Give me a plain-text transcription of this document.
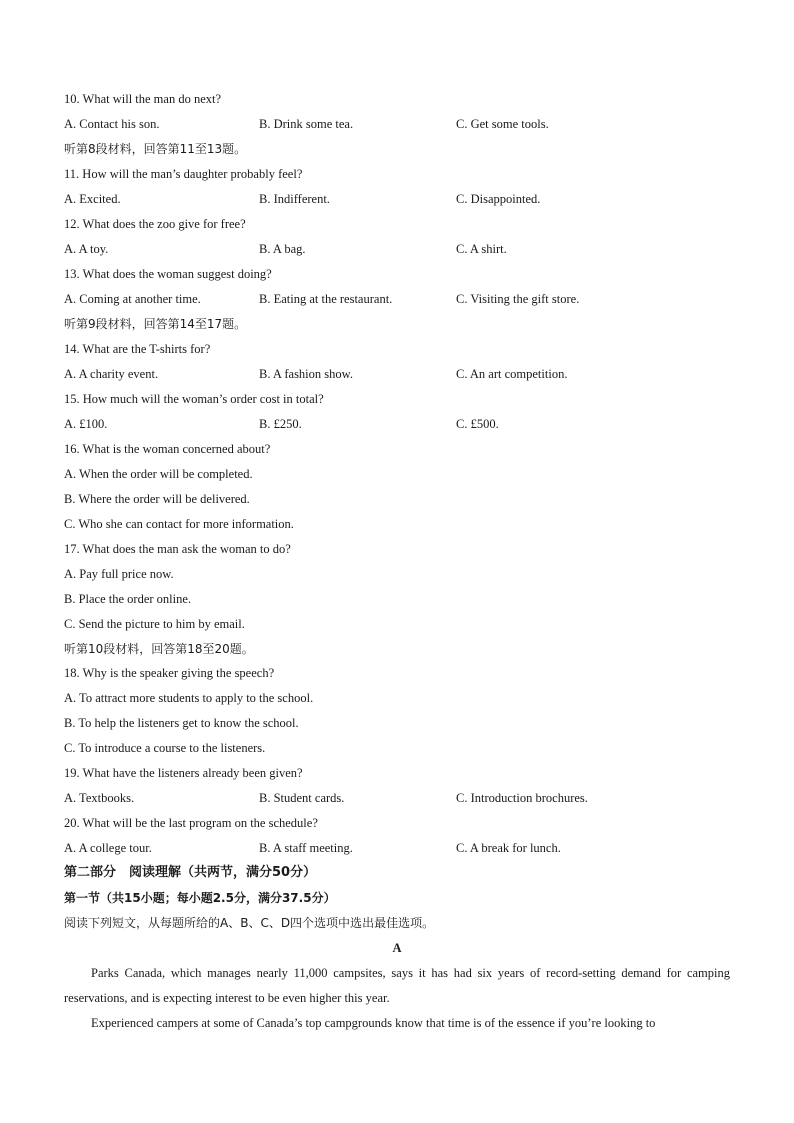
10. What will the man do next?
A. Contact his son.	B. Drink some tea.	C. Get some tools.
听第8段材料，回答第11至13题。
11. How will the man’s daughter probably feel?
A. Excited.	B. Indifferent.	C. Disappointed.
12. What does the zoo give for free?
A. A toy.	B. A bag.	C. A shirt.
13. What does the woman suggest doing?
A. Coming at another time.	B. Eating at the restaurant.	C. Visiting the gift store.
听第9段材料，回答第14至17题。
14. What are the T-shirts for?
A. A charity event.	B. A fashion show.	C. An art competition.
15. How much will the woman’s order cost in total?
A. £100.	B. £250.	C. £500.
16. What is the woman concerned about?
A. When the order will be completed.
B. Where the order will be delivered.
C. Who she can contact for more information.
17. What does the man ask the woman to do?
A. Pay full price now.
B. Place the order online.
C. Send the picture to him by email.
听第10段材料，回答第18至20题。
18. Why is the speaker giving the speech?
A. To attract more students to apply to the school.
B. To help the listeners get to know the school.
C. To introduce a course to the listeners.
19. What have the listeners already been given?
A. Textbooks.	B. Student cards.	C. Introduction brochures.
20. What will be the last program on the schedule?
A. A college tour.	B. A staff meeting.	C. A break for lunch.
第二部分　阅读理解（共两节，满分50分）
第一节（共15小题；每小题2.5分，满分37.5分）
阅读下列短文，从每题所给的A、B、C、D四个选项中选出最佳选项。
A
Parks Canada, which manages nearly 11,000 campsites, says it has had six years of record-setting demand for camping reservations, and is expecting interest to be even higher this year.
Experienced campers at some of Canada’s top campgrounds know that time is of the essence if you’re looking to
